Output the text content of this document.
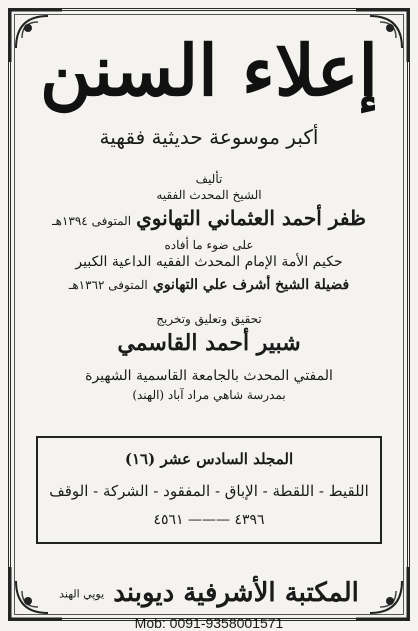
إعلاء السنن
أكبر موسوعة حديثية فقهية
تأليف
الشيخ المحدث الفقيه
ظفر أحمد العثماني التهانوي المتوفى ١٣٩٤هـ
على ضوء ما أفاده
حكيم الأمة الإمام المحدث الفقيه الداعية الكبير
فضيلة الشيخ أشرف علي التهانوي المتوفى ١٣٦٢هـ
تحقيق وتعليق وتخريج
شبير أحمد القاسمي
المفتي المحدث بالجامعة القاسمية الشهيرة
بمدرسة شاهي مراد آباد (الهند)
المكتبة الأشرفية ديوبند يوپي الهند
Mob: 0091-9358001571
المجلد السادس عشر (١٦)
اللقيط - اللقطة - الإباق - المفقود - الشركة - الوقف
٤٣٩٦ ——— ٤٥٦١
